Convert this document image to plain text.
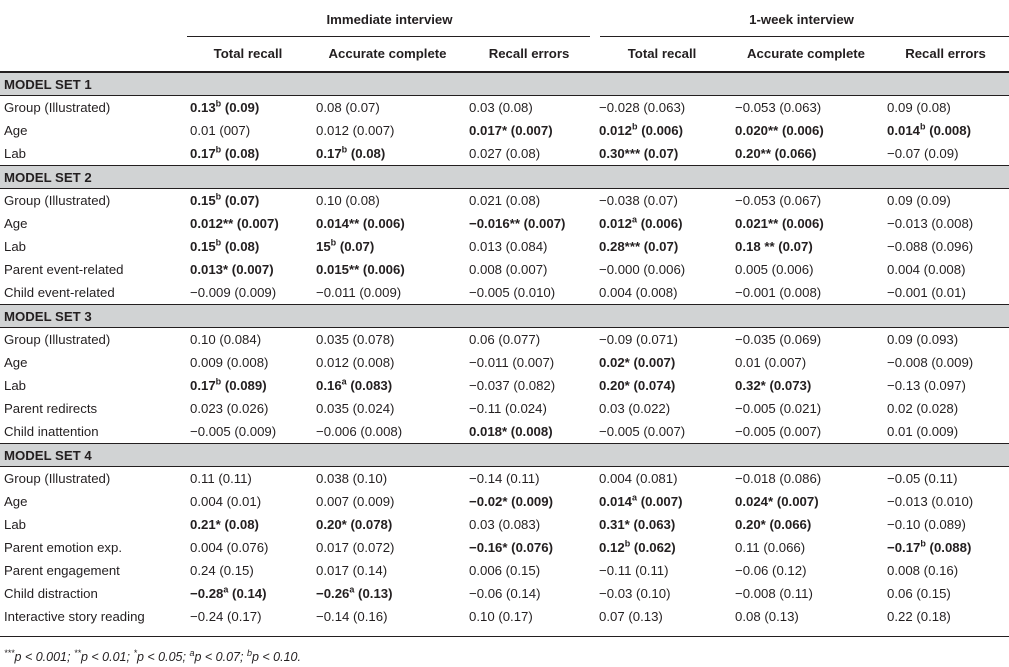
	Immediate interview			1-week interview		
	Total recall	Accurate complete	Recall errors	Total recall	Accurate complete	Recall errors
MODEL SET 1						
Group (Illustrated)	0.13$^b$ (0.09)	0.08 (0.07)	0.03 (0.08)	−0.028 (0.063)	−0.053 (0.063)	0.09 (0.08)
Age	0.01 (007)	0.012 (0.007)	0.017* (0.007)	0.012$^b$ (0.006)	0.020** (0.006)	0.014$^b$ (0.008)
Lab	0.17$^b$ (0.08)	0.17$^b$ (0.08)	0.027 (0.08)	0.30*** (0.07)	0.20** (0.066)	−0.07 (0.09)
MODEL SET 2						
Group (Illustrated)	0.15$^b$ (0.07)	0.10 (0.08)	0.021 (0.08)	−0.038 (0.07)	−0.053 (0.067)	0.09 (0.09)
Age	0.012** (0.007)	0.014** (0.006)	−0.016** (0.007)	0.012$^a$ (0.006)	0.021** (0.006)	−0.013 (0.008)
Lab	0.15$^b$ (0.08)	15$^b$ (0.07)	0.013 (0.084)	0.28*** (0.07)	0.18 ** (0.07)	−0.088 (0.096)
Parent event-related	0.013* (0.007)	0.015** (0.006)	0.008 (0.007)	−0.000 (0.006)	0.005 (0.006)	0.004 (0.008)
Child event-related	−0.009 (0.009)	−0.011 (0.009)	−0.005 (0.010)	0.004 (0.008)	−0.001 (0.008)	−0.001 (0.01)
MODEL SET 3						
Group (Illustrated)	0.10 (0.084)	0.035 (0.078)	0.06 (0.077)	−0.09 (0.071)	−0.035 (0.069)	0.09 (0.093)
Age	0.009 (0.008)	0.012 (0.008)	−0.011 (0.007)	0.02* (0.007)	0.01 (0.007)	−0.008 (0.009)
Lab	0.17$^b$ (0.089)	0.16$^a$ (0.083)	−0.037 (0.082)	0.20* (0.074)	0.32* (0.073)	−0.13 (0.097)
Parent redirects	0.023 (0.026)	0.035 (0.024)	−0.11 (0.024)	0.03 (0.022)	−0.005 (0.021)	0.02 (0.028)
Child inattention	−0.005 (0.009)	−0.006 (0.008)	0.018* (0.008)	−0.005 (0.007)	−0.005 (0.007)	0.01 (0.009)
MODEL SET 4						
Group (Illustrated)	0.11 (0.11)	0.038 (0.10)	−0.14 (0.11)	0.004 (0.081)	−0.018 (0.086)	−0.05 (0.11)
Age	0.004 (0.01)	0.007 (0.009)	−0.02* (0.009)	0.014$^a$ (0.007)	0.024* (0.007)	−0.013 (0.010)
Lab	0.21* (0.08)	0.20* (0.078)	0.03 (0.083)	0.31* (0.063)	0.20* (0.066)	−0.10 (0.089)
Parent emotion exp.	0.004 (0.076)	0.017 (0.072)	−0.16* (0.076)	0.12$^b$ (0.062)	0.11 (0.066)	−0.17$^b$ (0.088)
Parent engagement	0.24 (0.15)	0.017 (0.14)	0.006 (0.15)	−0.11 (0.11)	−0.06 (0.12)	0.008 (0.16)
Child distraction	−0.28$^a$ (0.14)	−0.26$^a$ (0.13)	−0.06 (0.14)	−0.03 (0.10)	−0.008 (0.11)	0.06 (0.15)
Interactive story reading	−0.24 (0.17)	−0.14 (0.16)	0.10 (0.17)	0.07 (0.13)	0.08 (0.13)	0.22 (0.18)
***p < 0.001; **p < 0.01; *p < 0.05; $^a$p < 0.07; $^b$p < 0.10.
